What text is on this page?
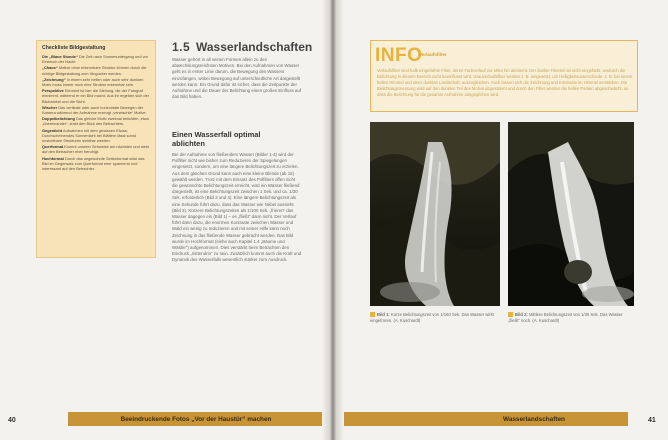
Checkliste Bildgestaltung
Die „Blaue Stunde“ Die Zeit nach Sonnenuntergang und vor Einbruch der Nacht.
„Chaos“ Motive ohne erkennbare Struktur können durch die richtige Bildgestaltung zum Hingucker werden.
„Zeichnung“ In einem sehr hellen oder auch sehr dunklen Motiv muss immer noch eine Struktur erkennbar sein.
Perspektive Element ist hier die Stellung, die der Fotograf einnimmt, während er ein Bild macht. Aus ihr ergeben sich der Blickwinkel und die Sicht.
Wischer Das vertikale oder auch horizontale Bewegen der Kamera während der Aufnahme erzeugt „verwischte“ Motive.
Doppelbelichtung Das gleiche Motiv zweimal belichten, etwa „übereinander“, lenkt den Blick des Betrachters.
Gegenlicht Aufnahmen mit dem gewissen Etwas: Durchscheinendes Sonnenlicht bei Blättern lässt sonst unsichtbare Strukturen sichtbar werden.
Querformat Kommt unserer Sehweise am nächsten und wirkt auf den Betrachter eher beruhigt.
Hochformat Durch das ungewohnte Seitenformat wirkt das Bild im Gegensatz zum Querformat eher spannend und interessant auf den Betrachter.
1.5 Wasserlandschaften
Wasser gehört in all seinen Formen allein zu den abwechslungsreichsten Motiven. Bei den Aufnahmen von Wasser geht es in erster Linie darum, die Bewegung des Wassers einzufangen, wobei Bewegung auf unterschiedliche Art dargestellt werden kann. Ein Grund dafür ist sicher, dass die Zeitpunkte der Aufnahme und die Dauer der Belichtung einen großen Einfluss auf das Bild haben.
Einen Wasserfall optimal ablichten
Bei der Aufnahme von fließendem Wasser (Bilder 1-4) wird der Polfilter nicht wie bisher zum Reduzieren der Spiegelungen eingesetzt, sondern, um eine längere Belichtungszeit zu erzielen. Aus dem gleichen Grund kann auch eine kleine Blende (ab 16) gewählt werden. Trotz mit dem Einsatz des Polfilters offen nicht die gewünschte Belichtungszeit erreicht, wird ein Wasser fließend dargestellt, ist eine Belichtungszeit zwischen 1 Sek. und ca. 1/30 Sek. erforderlich (Bild 2 und 4). Eine längere Belichtungszeit als eine Sekunde führt dazu, dass das Wasser wie Nebel aussieht (Bild 3). Kürzere Belichtungszeiten als 1/100 Sek. „frieren“ das Wasser dagegen ein (Bild 1) – es „fließt“ dann nicht. Der Verlauf führt dann dazu, die enormen Kontraste zwischen Wasser und Wald ein wenig zu reduzieren und mit seiner Hilfe kann noch Zeichnung in das fließende Wasser gebracht werden. Das Bild wurde im Hochformat (siehe auch Kapitel 1.4 „Bäume und Wälder“) aufgenommen. Dies verstärkt beim Betrachten den Eindruck „mittendrin“ zu sein. Zusätzlich kommt auch die Kraft und Dynamik des Wasserfalls wesentlich stärker zum Ausdruck.
40	Beeindruckende Fotos „Vor der Haustür“ machen
INFO
Verlaufsfilter
Verlaufsfilter sind halb eingefärbte Filter, deren Farbverlauf zur Mitte hin abnimmt. Der dunkle Filterteil ist nicht eingefärbt, wodurch die Belichtung in diesem Bereich nicht beeinflusst wird. Grauverlaufsfilter werden z. B. eingesetzt, um Helligkeitsunterschiede, z. B. bei einem hellen Himmel und einer dunklen Landschaft, auszugleichen. Auch lassen sich die Zeichnung und Kontraste im Himmel verstärken. Die Belichtungsmessung wird auf den dunklen Teil des Motivs abgestimmt und durch den Filter werden die hellen Partien abgeschwächt, so dass die Belichtung für die gesamte Aufnahme ausgeglichen wird.
Bild 1: Kurze Belichtungszeit von 1/160 Sek. Das Wasser wirkt eingefroren. (A. Kuschardt)
Bild 2: Mittlere Belichtungszeit von 1/30 Sek. Das Wasser „fließt“ noch. (A. Kuschardt)
Wasserlandschaften	41
